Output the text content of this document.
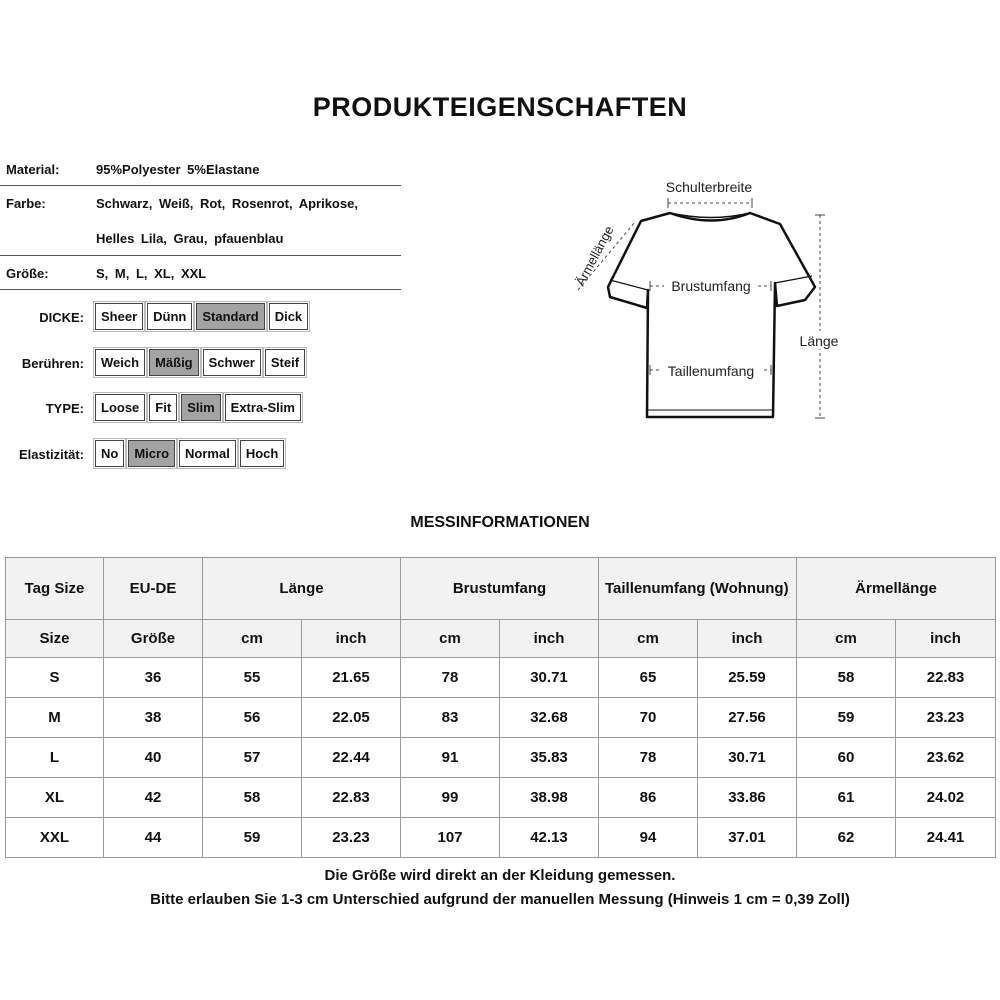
PRODUKTEIGENSCHAFTEN
Material:	95%Polyester 5%Elastane
Farbe:	Schwarz, Weiß, Rot, Rosenrot, Aprikose,
Helles Lila, Grau, pfauenblau
Größe:	S, M, L, XL, XXL
DICKE:	Sheer	Dünn	Standard	Dick
Berühren:	Weich	Mäßig	Schwer	Steif
TYPE:	Loose	Fit	Slim	Extra-Slim
Elastizität:	No	Micro	Normal	Hoch
Schulterbreite
Brustumfang
Taillenumfang
Länge
Ärmellänge
MESSINFORMATIONEN
Tag Size	EU-DE	Länge		Brustumfang		Taillenumfang (Wohnung)		Ärmellänge	
Size	Größe	cm	inch	cm	inch	cm	inch	cm	inch
S	36	55	21.65	78	30.71	65	25.59	58	22.83
M	38	56	22.05	83	32.68	70	27.56	59	23.23
L	40	57	22.44	91	35.83	78	30.71	60	23.62
XL	42	58	22.83	99	38.98	86	33.86	61	24.02
XXL	44	59	23.23	107	42.13	94	37.01	62	24.41
Die Größe wird direkt an der Kleidung gemessen.
Bitte erlauben Sie 1-3 cm Unterschied aufgrund der manuellen Messung (Hinweis 1 cm = 0,39 Zoll)
